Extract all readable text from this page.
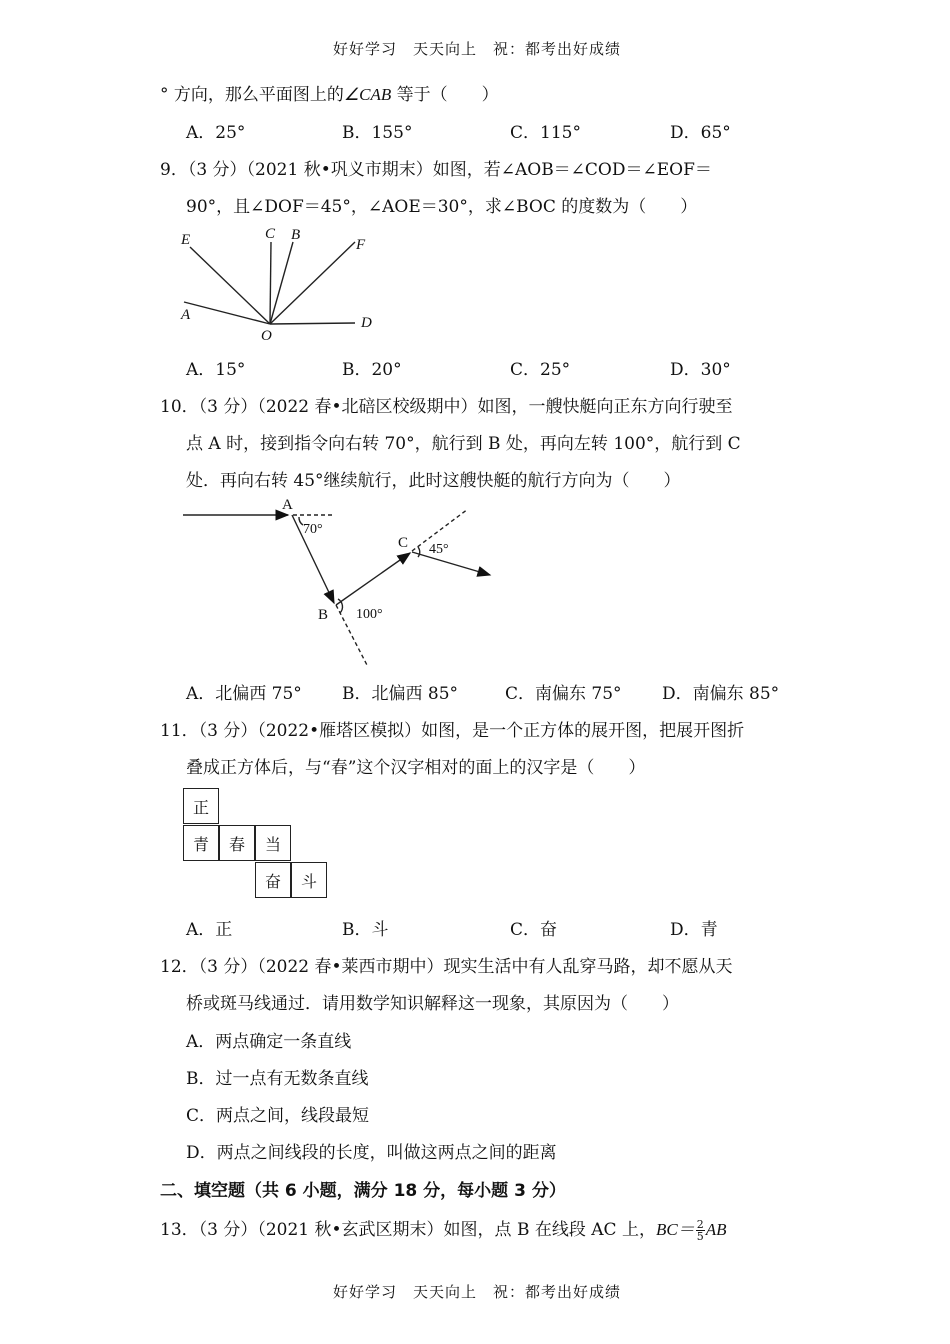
好好学习　天天向上　祝：都考出好成绩
° 方向，那么平面图上的∠CAB 等于（　　）
A．25°	B．155°	C．115°	D．65°
9．（3 分）（2021 秋•巩义市期末）如图，若∠AOB＝∠COD＝∠EOF＝
90°，且∠DOF＝45°，∠AOE＝30°，求∠BOC 的度数为（　　）
E	C B
F
A
O
D
A．15°	B．20°	C．25°	D．30°
10．（3 分）（2022 春•北碚区校级期中）如图，一艘快艇向正东方向行驶至
点 A 时，接到指令向右转 70°，航行到 B 处，再向左转 100°，航行到 C
处．再向右转 45°继续航行，此时这艘快艇的航行方向为（　　）
A
70°
B 100°
C 45°
A．北偏西 75° B．北偏西 85°	C．南偏东 75° D．南偏东 85°
11．（3 分）（2022•雁塔区模拟）如图，是一个正方体的展开图，把展开图折
叠成正方体后，与“春”这个汉字相对的面上的汉字是（　　）
正
青	春	当
奋	斗
A．正	B．斗	C．奋	D．青
12．（3 分）（2022 春•莱西市期中）现实生活中有人乱穿马路，却不愿从天
桥或斑马线通过．请用数学知识解释这一现象，其原因为（　　）
A．两点确定一条直线
B．过一点有无数条直线
C．两点之间，线段最短
D．两点之间线段的长度，叫做这两点之间的距离
二、填空题（共 6 小题，满分 18 分，每小题 3 分）
13．（3 分）（2021 秋•玄武区期末）如图，点 B 在线段 AC 上，$BC= \frac{2}{5}$ AB
好好学习　天天向上　祝：都考出好成绩
